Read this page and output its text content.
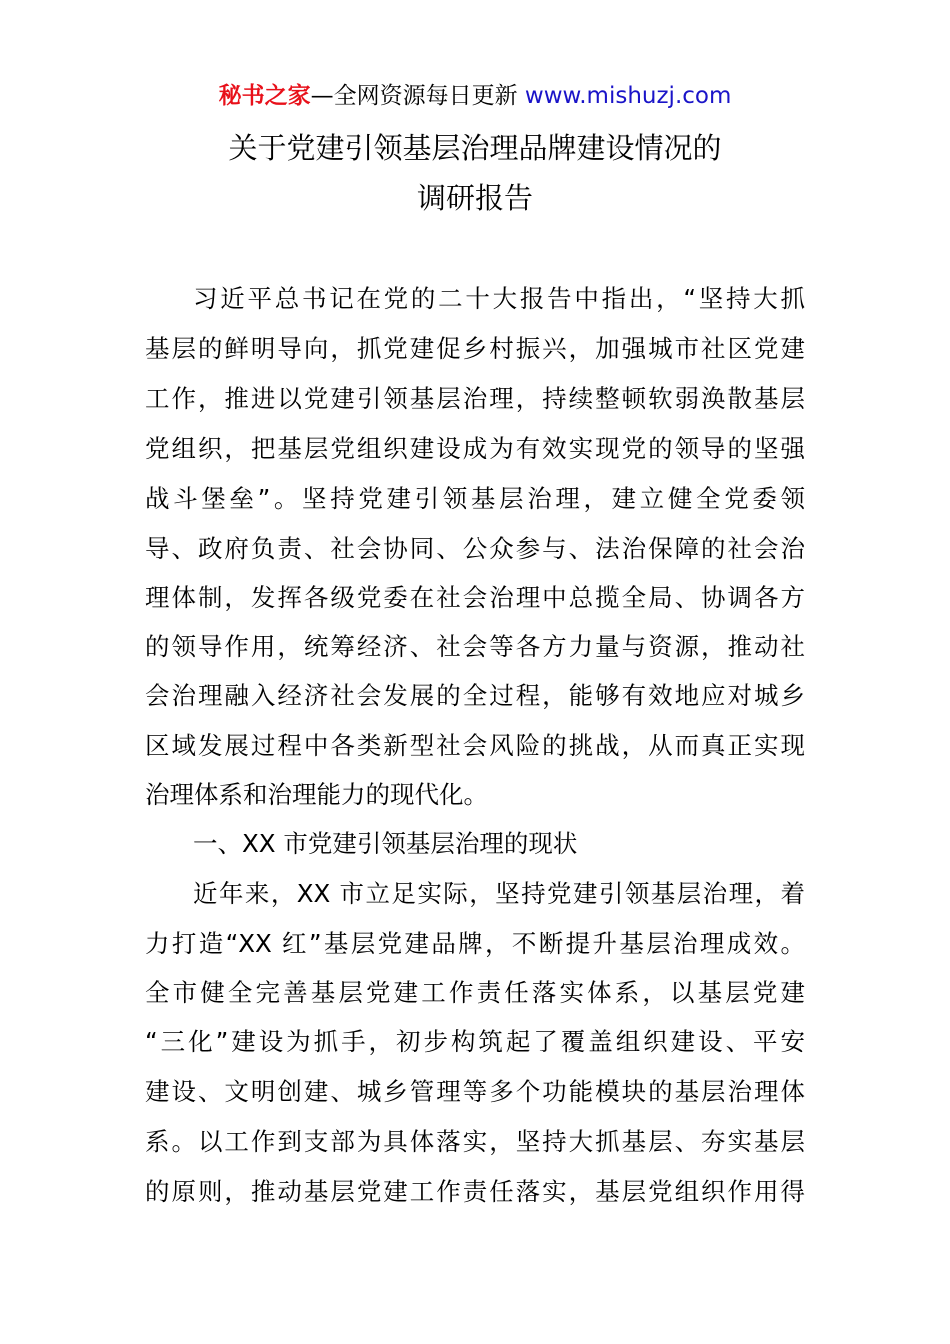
秘书之家—全网资源每日更新 www.mishuzj.com
关于党建引领基层治理品牌建设情况的
调研报告
习近平总书记在党的二十大报告中指出，“坚持大抓
基层的鲜明导向，抓党建促乡村振兴，加强城市社区党建
工作，推进以党建引领基层治理，持续整顿软弱涣散基层
党组织，把基层党组织建设成为有效实现党的领导的坚强
战斗堡垒”。坚持党建引领基层治理，建立健全党委领
导、政府负责、社会协同、公众参与、法治保障的社会治
理体制，发挥各级党委在社会治理中总揽全局、协调各方
的领导作用，统筹经济、社会等各方力量与资源，推动社
会治理融入经济社会发展的全过程，能够有效地应对城乡
区域发展过程中各类新型社会风险的挑战，从而真正实现
治理体系和治理能力的现代化。
一、XX 市党建引领基层治理的现状
近年来，XX 市立足实际，坚持党建引领基层治理，着
力打造“XX 红”基层党建品牌，不断提升基层治理成效。
全市健全完善基层党建工作责任落实体系，以基层党建
“三化”建设为抓手，初步构筑起了覆盖组织建设、平安
建设、文明创建、城乡管理等多个功能模块的基层治理体
系。以工作到支部为具体落实，坚持大抓基层、夯实基层
的原则，推动基层党建工作责任落实，基层党组织作用得
